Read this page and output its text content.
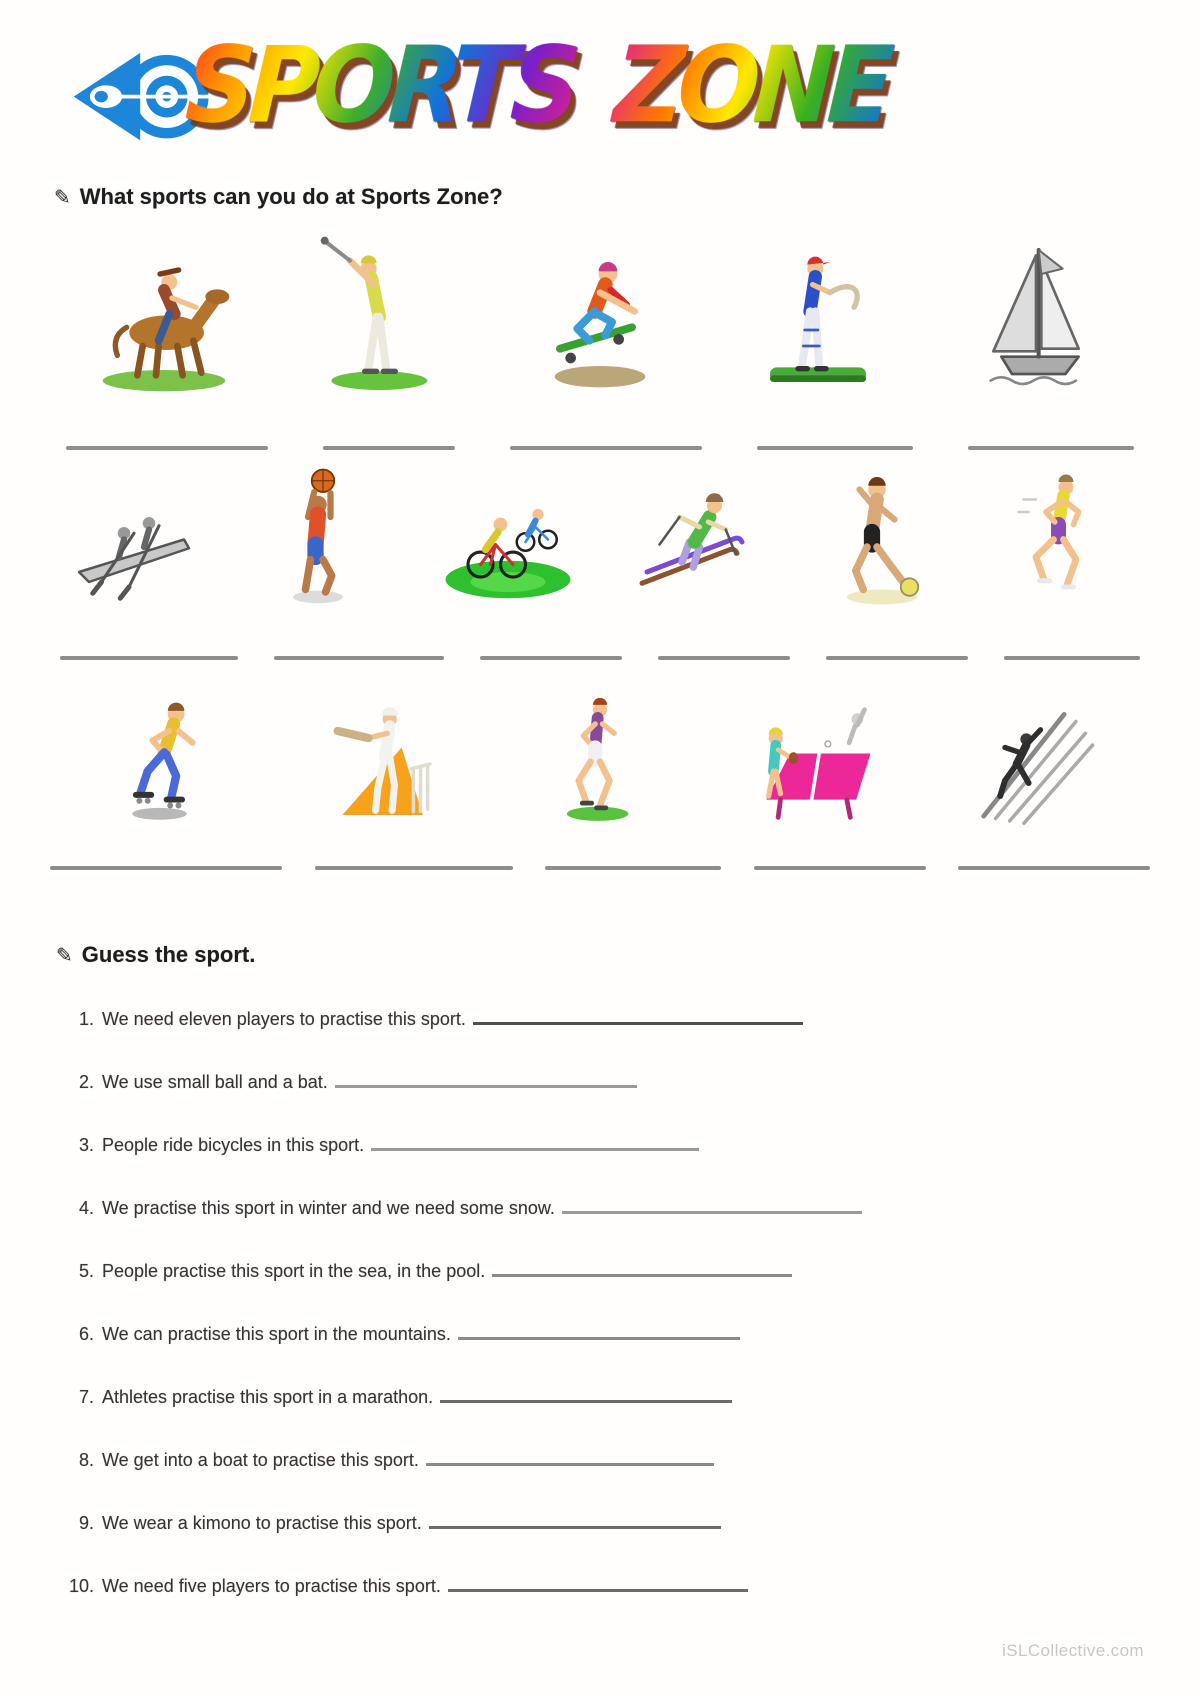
SPORTS ZONE
✎ What sports can you do at Sports Zone?
✎ Guess the sport.
1. We need eleven players to practise this sport.
2. We use small ball and a bat.
3. People ride bicycles in this sport.
4. We practise this sport in winter and we need some snow.
5. People practise this sport in the sea, in the pool.
6. We can practise this sport in the mountains.
7. Athletes practise this sport in a marathon.
8. We get into a boat to practise this sport.
9. We wear a kimono to practise this sport.
10. We need five players to practise this sport.
iSLCollective.com
